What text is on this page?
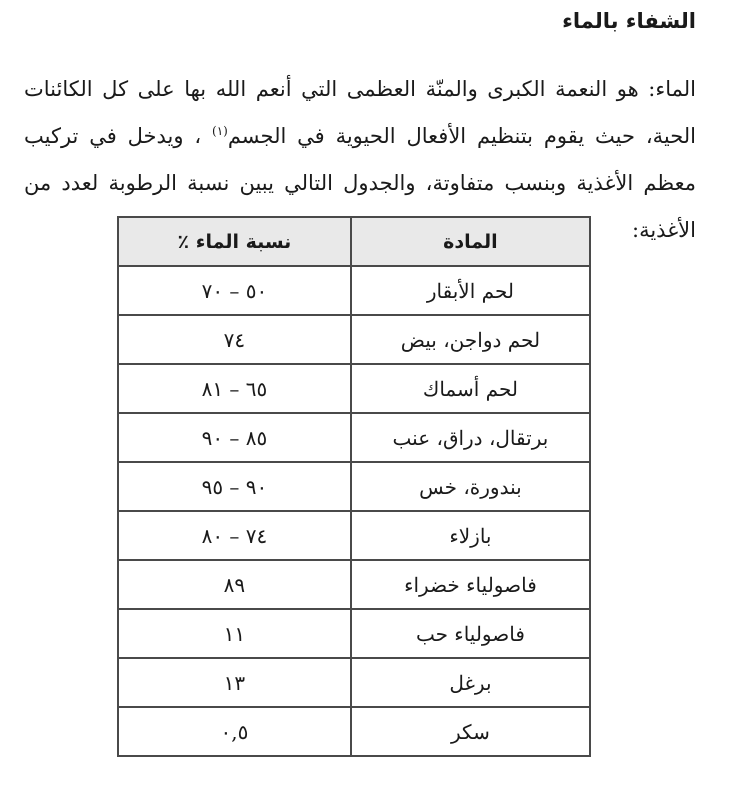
الشفاء بالماء

الماء: هو النعمة الكبرى والمنّة العظمى التي أنعم الله بها على كل الكائنات الحية، حيث يقوم بتنظيم الأفعال الحيوية في الجسم$^{(١)}$ ، ويدخل في تركيب معظم الأغذية وبنسب متفاوتة، والجدول التالي يبين نسبة الرطوبة لعدد من الأغذية:

المادة	نسبة الماء ٪
لحم الأبقار	٥٠ – ٧٠
لحم دواجن، بيض	٧٤
لحم أسماك	٦٥ – ٨١
برتقال، دراق، عنب	٨٥ – ٩٠
بندورة، خس	٩٠ – ٩٥
بازلاء	٧٤ – ٨٠
فاصولياء خضراء	٨٩
فاصولياء حب	١١
برغل	١٣
سكر	٠,٥
